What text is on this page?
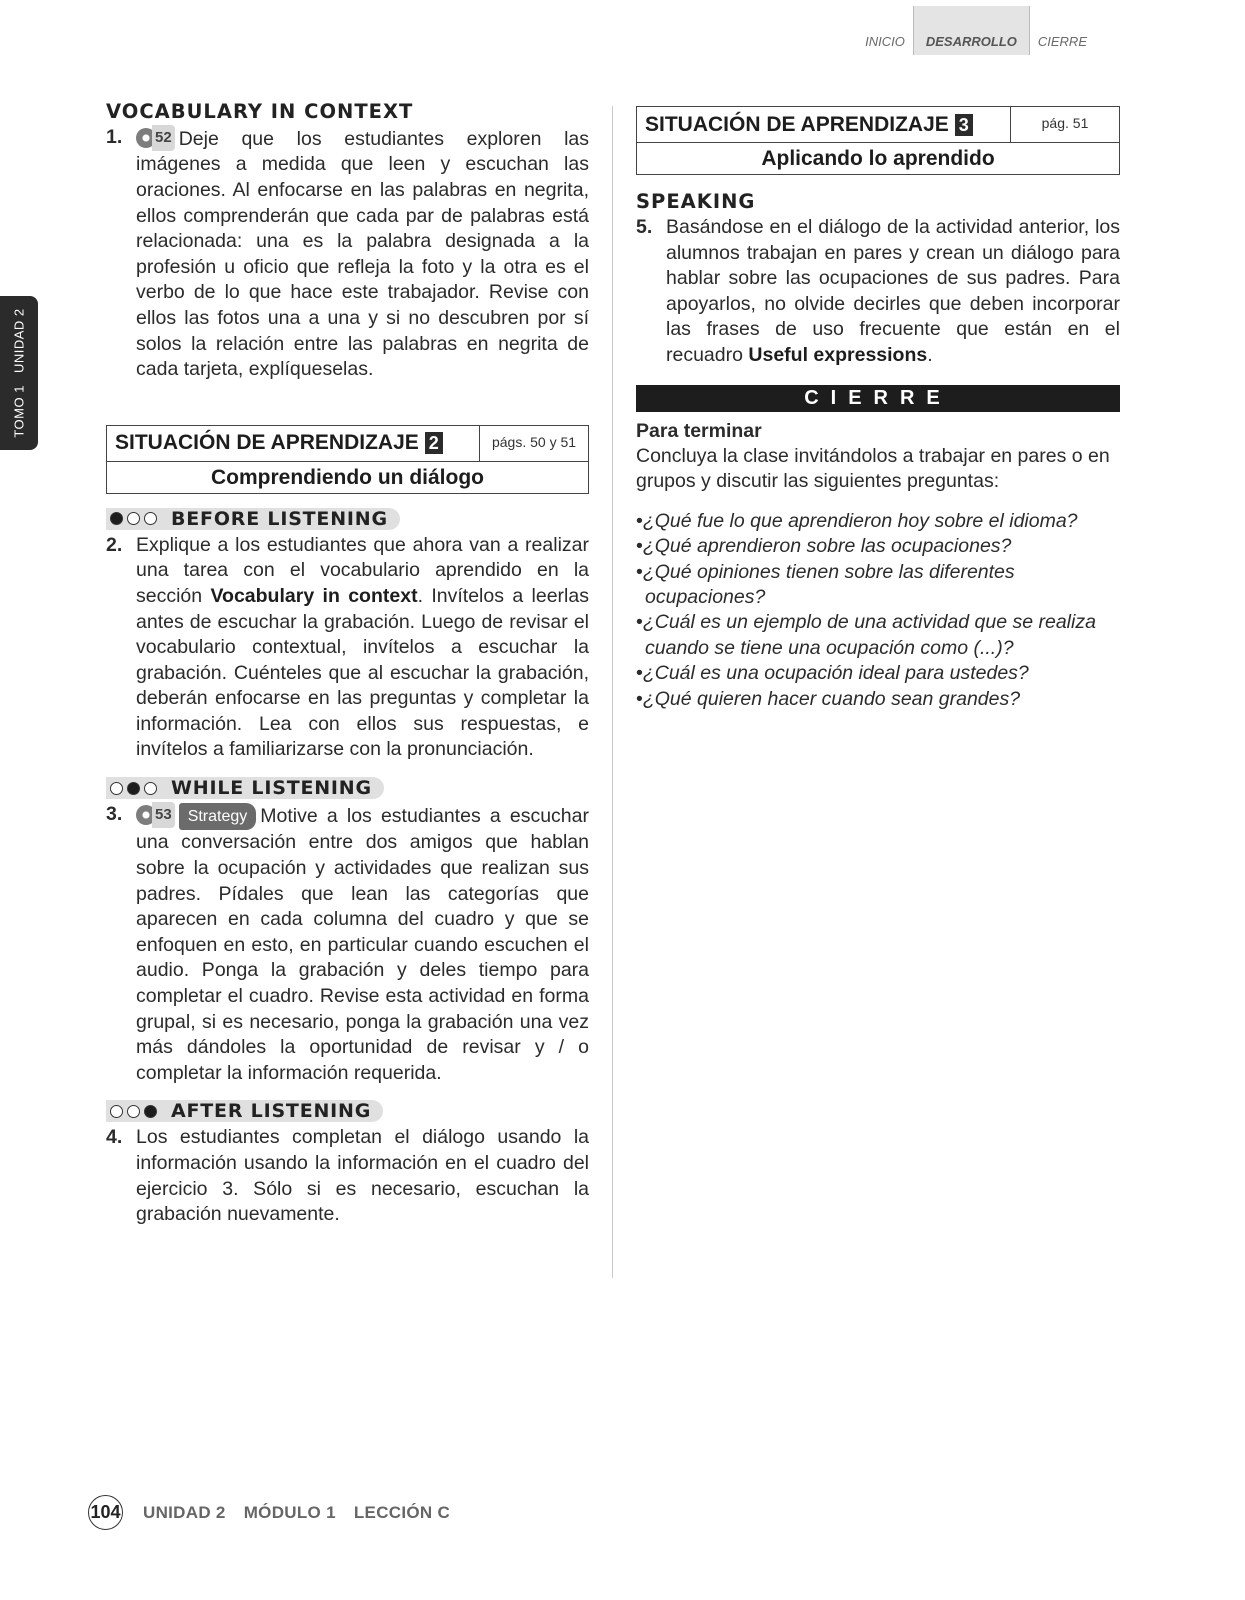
INICIO	DESARROLLO	CIERRE
TOMO 1UNIDAD 2
VOCABULARY IN CONTEXT
1.	52 Deje que los estudiantes exploren las imágenes a medida que leen y escuchan las oraciones. Al enfocarse en las palabras en negrita, ellos comprenderán que cada par de palabras está relacionada: una es la palabra designada a la profesión u oficio que refleja la foto y la otra es el verbo de lo que hace este trabajador. Revise con ellos las fotos una a una y si no descubren por sí solos la relación entre las palabras en negrita de cada tarjeta, explíqueselas.
SITUACIÓN DE APRENDIZAJE 2	págs. 50 y 51
Comprendiendo un diálogo
BEFORE LISTENING
2. Explique a los estudiantes que ahora van a realizar una tarea con el vocabulario aprendido en la sección Vocabulary in context. Invítelos a leerlas antes de escuchar la grabación. Luego de revisar el vocabulario contextual, invítelos a escuchar la grabación. Cuénteles que al escuchar la grabación, deberán enfocarse en las preguntas y completar la información. Lea con ellos sus respuestas, e invítelos a familiarizarse con la pronunciación.
WHILE LISTENING
3.	53 Strategy Motive a los estudiantes a escuchar una conversación entre dos amigos que hablan sobre la ocupación y actividades que realizan sus padres. Pídales que lean las categorías que aparecen en cada columna del cuadro y que se enfoquen en esto, en particular cuando escuchen el audio. Ponga la grabación y deles tiempo para completar el cuadro. Revise esta actividad en forma grupal, si es necesario, ponga la grabación una vez más dándoles la oportunidad de revisar y / o completar la información requerida.
AFTER LISTENING
4. Los estudiantes completan el diálogo usando la información usando la información en el cuadro del ejercicio 3. Sólo si es necesario, escuchan la grabación nuevamente.
SITUACIÓN DE APRENDIZAJE 3	pág. 51
Aplicando lo aprendido
SPEAKING
5. Basándose en el diálogo de la actividad anterior, los alumnos trabajan en pares y crean un diálogo para hablar sobre las ocupaciones de sus padres. Para apoyarlos, no olvide decirles que deben incorporar las frases de uso frecuente que están en el recuadro Useful expressions.
CIERRE
Para terminar
Concluya la clase invitándolos a trabajar en pares o en grupos y discutir las siguientes preguntas:
• ¿Qué fue lo que aprendieron hoy sobre el idioma?
• ¿Qué aprendieron sobre las ocupaciones?
• ¿Qué opiniones tienen sobre las diferentes ocupaciones?
• ¿Cuál es un ejemplo de una actividad que se realiza cuando se tiene una ocupación como (...)?
• ¿Cuál es una ocupación ideal para ustedes?
• ¿Qué quieren hacer cuando sean grandes?
104 UNIDAD 2 MÓDULO 1 LECCIÓN C
